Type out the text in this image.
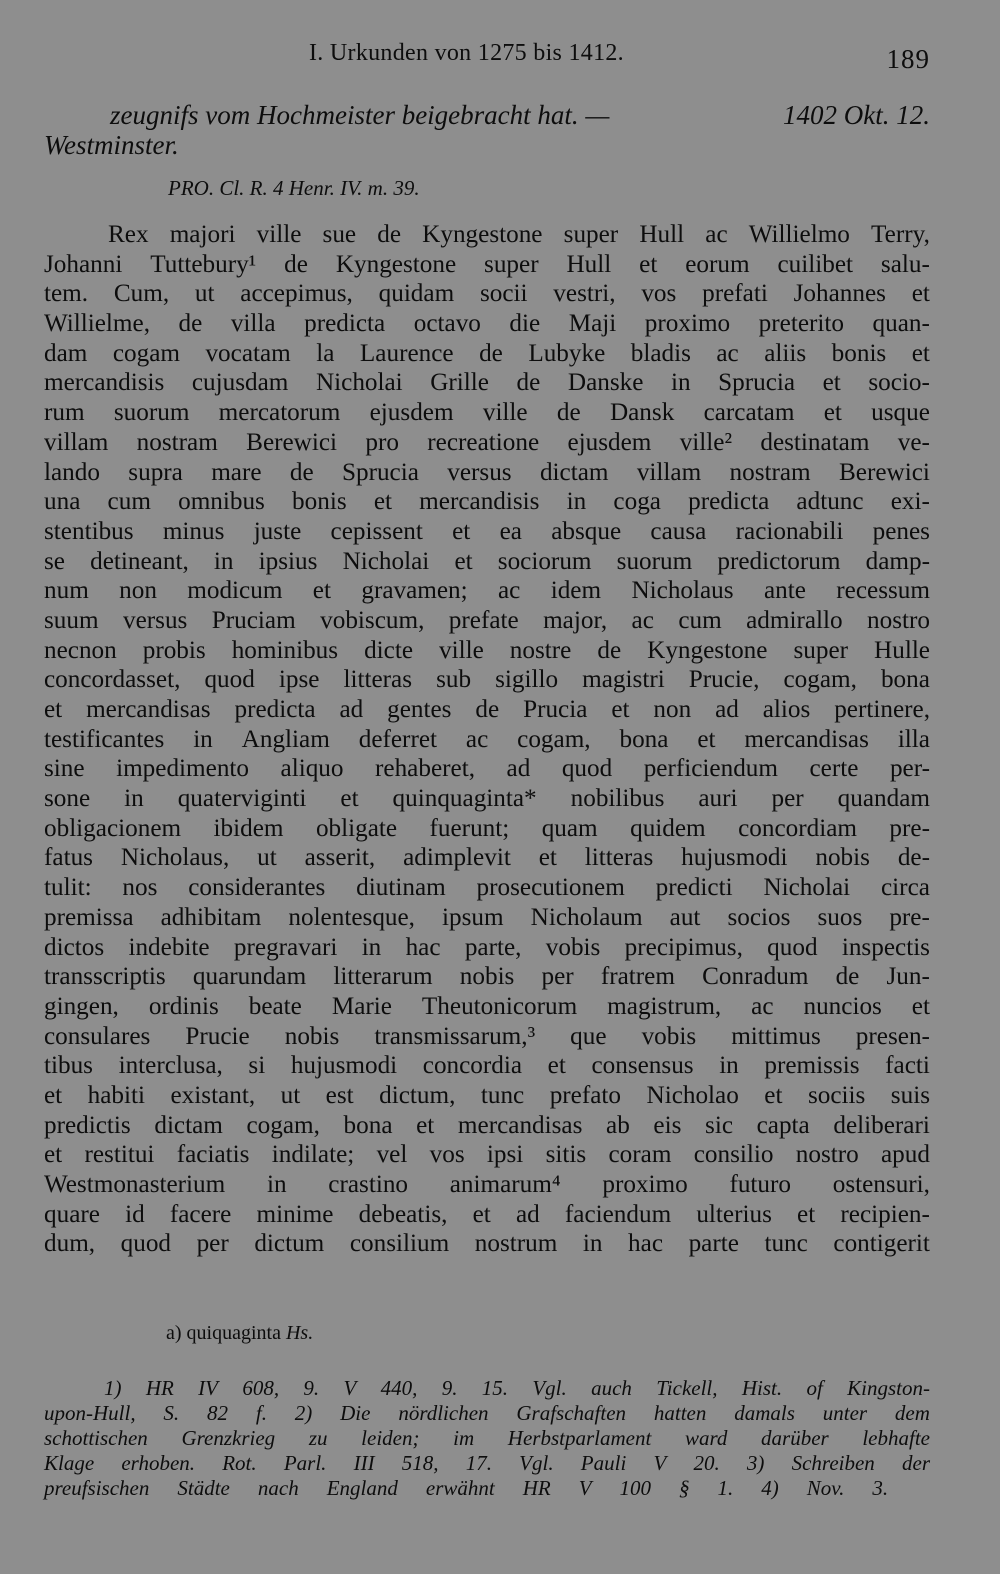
I. Urkunden von 1275 bis 1412.	189
zeugnifs vom Hochmeister beigebracht hat. —	1402 Okt. 12.
Westminster.
PRO. Cl. R. 4 Henr. IV. m. 39.
Rex majori ville sue de Kyngestone super Hull ac Willielmo Terry,
Johanni Tuttebury¹ de Kyngestone super Hull et eorum cuilibet salu-
tem. Cum, ut accepimus, quidam socii vestri, vos prefati Johannes et
Willielme, de villa predicta octavo die Maji proximo preterito quan-
dam cogam vocatam la Laurence de Lubyke bladis ac aliis bonis et
mercandisis cujusdam Nicholai Grille de Danske in Sprucia et socio-
rum suorum mercatorum ejusdem ville de Dansk carcatam et usque
villam nostram Berewici pro recreatione ejusdem ville² destinatam ve-
lando supra mare de Sprucia versus dictam villam nostram Berewici
una cum omnibus bonis et mercandisis in coga predicta adtunc exi-
stentibus minus juste cepissent et ea absque causa racionabili penes
se detineant, in ipsius Nicholai et sociorum suorum predictorum damp-
num non modicum et gravamen; ac idem Nicholaus ante recessum
suum versus Pruciam vobiscum, prefate major, ac cum admirallo nostro
necnon probis hominibus dicte ville nostre de Kyngestone super Hulle
concordasset, quod ipse litteras sub sigillo magistri Prucie, cogam, bona
et mercandisas predicta ad gentes de Prucia et non ad alios pertinere,
testificantes in Angliam deferret ac cogam, bona et mercandisas illa
sine impedimento aliquo rehaberet, ad quod perficiendum certe per-
sone in quaterviginti et quinquaginta* nobilibus auri per quandam
obligacionem ibidem obligate fuerunt; quam quidem concordiam pre-
fatus Nicholaus, ut asserit, adimplevit et litteras hujusmodi nobis de-
tulit: nos considerantes diutinam prosecutionem predicti Nicholai circa
premissa adhibitam nolentesque, ipsum Nicholaum aut socios suos pre-
dictos indebite pregravari in hac parte, vobis precipimus, quod inspectis
transscriptis quarundam litterarum nobis per fratrem Conradum de Jun-
gingen, ordinis beate Marie Theutonicorum magistrum, ac nuncios et
consulares Prucie nobis transmissarum,³ que vobis mittimus presen-
tibus interclusa, si hujusmodi concordia et consensus in premissis facti
et habiti existant, ut est dictum, tunc prefato Nicholao et sociis suis
predictis dictam cogam, bona et mercandisas ab eis sic capta deliberari
et restitui faciatis indilate; vel vos ipsi sitis coram consilio nostro apud
Westmonasterium in crastino animarum⁴ proximo futuro ostensuri,
quare id facere minime debeatis, et ad faciendum ulterius et recipien-
dum, quod per dictum consilium nostrum in hac parte tunc contigerit
a) quiquaginta Hs.
1) HR IV 608, 9. V 440, 9. 15. Vgl. auch Tickell, Hist. of Kingston-
upon-Hull, S. 82 f. 2) Die nördlichen Grafschaften hatten damals unter dem
schottischen Grenzkrieg zu leiden; im Herbstparlament ward darüber lebhafte
Klage erhoben. Rot. Parl. III 518, 17. Vgl. Pauli V 20. 3) Schreiben der
preufsischen Städte nach England erwähnt HR V 100 § 1. 4) Nov. 3.
